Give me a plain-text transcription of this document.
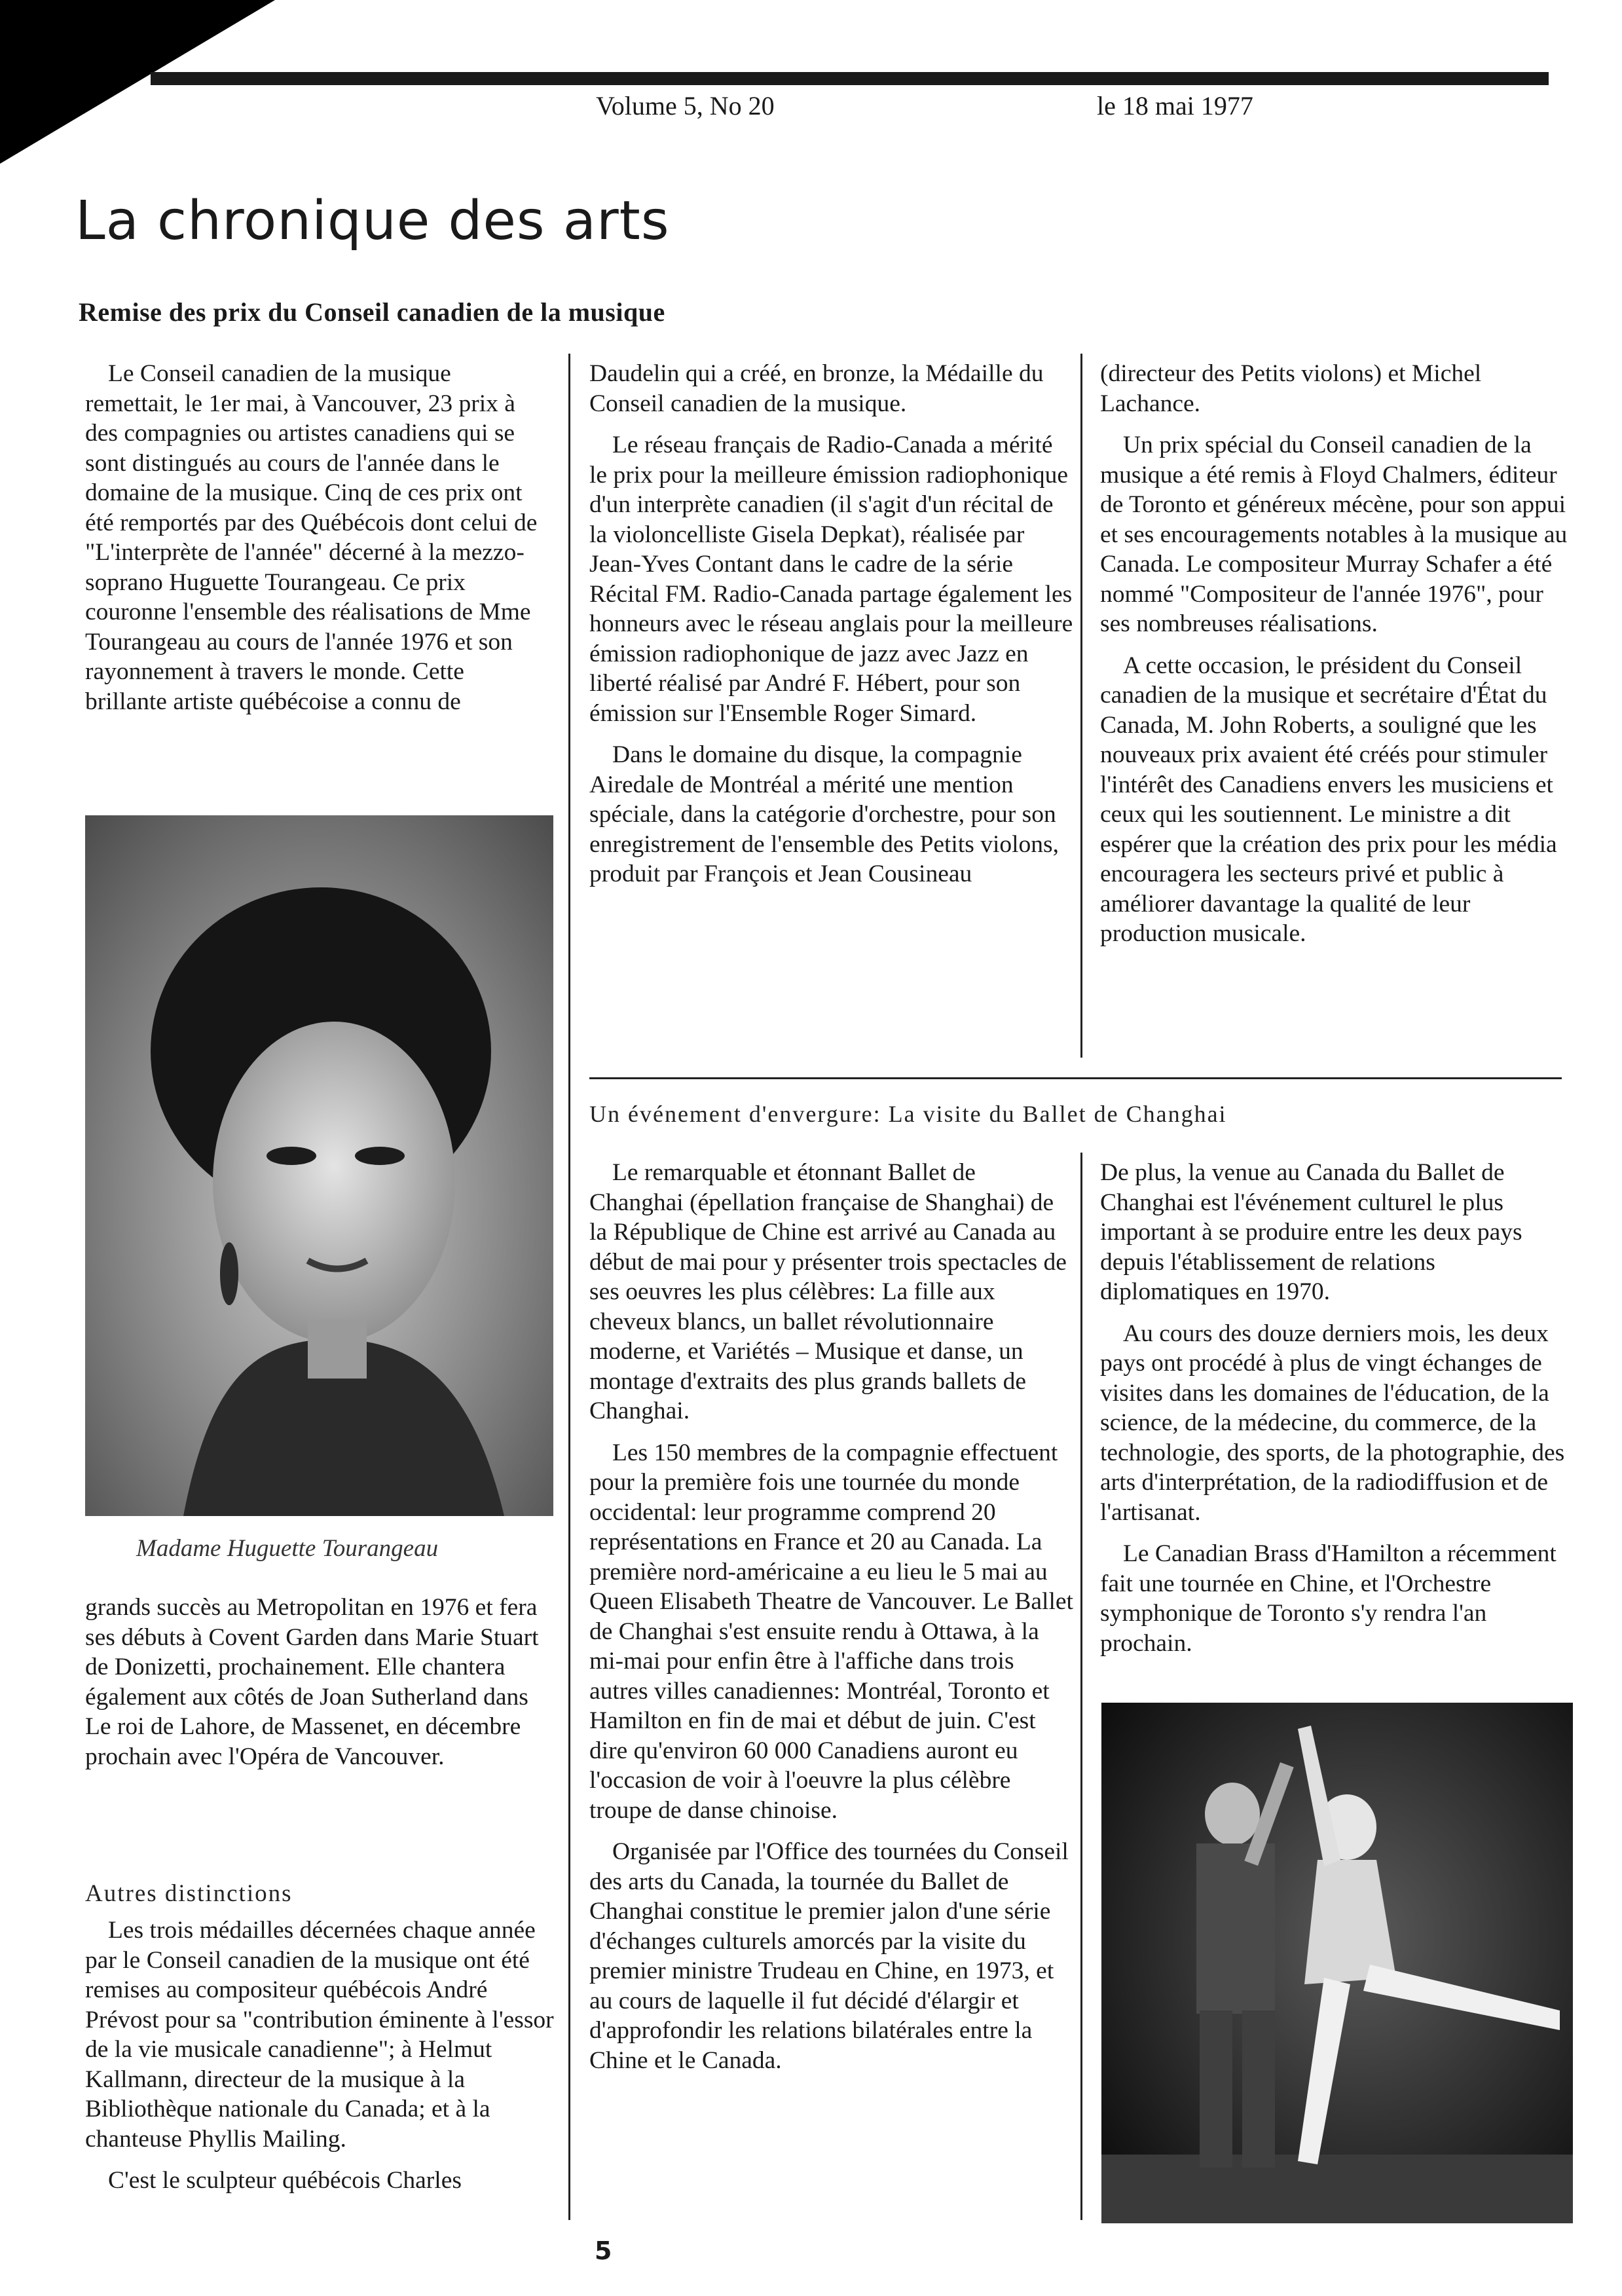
Volume 5, No 20	le 18 mai 1977
La chronique des arts
Remise des prix du Conseil canadien de la musique

Le Conseil canadien de la musique remettait, le 1er mai, à Vancouver, 23 prix à des compagnies ou artistes canadiens qui se sont distingués au cours de l'année dans le domaine de la musique. Cinq de ces prix ont été remportés par des Québécois dont celui de "L'interprète de l'année" décerné à la mezzo-soprano Huguette Tourangeau. Ce prix couronne l'ensemble des réalisations de Mme Tourangeau au cours de l'année 1976 et son rayonnement à travers le monde. Cette brillante artiste québécoise a connu de

Madame Huguette Tourangeau

grands succès au Metropolitan en 1976 et fera ses débuts à Covent Garden dans Marie Stuart de Donizetti, prochainement. Elle chantera également aux côtés de Joan Sutherland dans Le roi de Lahore, de Massenet, en décembre prochain avec l'Opéra de Vancouver.

Autres distinctions

Les trois médailles décernées chaque année par le Conseil canadien de la musique ont été remises au compositeur québécois André Prévost pour sa "contribution éminente à l'essor de la vie musicale canadienne"; à Helmut Kallmann, directeur de la musique à la Bibliothèque nationale du Canada; et à la chanteuse Phyllis Mailing.

C'est le sculpteur québécois Charles

Daudelin qui a créé, en bronze, la Médaille du Conseil canadien de la musique.

Le réseau français de Radio-Canada a mérité le prix pour la meilleure émission radiophonique d'un interprète canadien (il s'agit d'un récital de la violoncelliste Gisela Depkat), réalisée par Jean-Yves Contant dans le cadre de la série Récital FM. Radio-Canada partage également les honneurs avec le réseau anglais pour la meilleure émission radiophonique de jazz avec Jazz en liberté réalisé par André F. Hébert, pour son émission sur l'Ensemble Roger Simard.

Dans le domaine du disque, la compagnie Airedale de Montréal a mérité une mention spéciale, dans la catégorie d'orchestre, pour son enregistrement de l'ensemble des Petits violons, produit par François et Jean Cousineau

(directeur des Petits violons) et Michel Lachance.

Un prix spécial du Conseil canadien de la musique a été remis à Floyd Chalmers, éditeur de Toronto et généreux mécène, pour son appui et ses encouragements notables à la musique au Canada. Le compositeur Murray Schafer a été nommé "Compositeur de l'année 1976", pour ses nombreuses réalisations.

A cette occasion, le président du Conseil canadien de la musique et secrétaire d'État du Canada, M. John Roberts, a souligné que les nouveaux prix avaient été créés pour stimuler l'intérêt des Canadiens envers les musiciens et ceux qui les soutiennent. Le ministre a dit espérer que la création des prix pour les média encouragera les secteurs privé et public à améliorer davantage la qualité de leur production musicale.

Un événement d'envergure: La visite du Ballet de Changhai

Le remarquable et étonnant Ballet de Changhai (épellation française de Shanghai) de la République de Chine est arrivé au Canada au début de mai pour y présenter trois spectacles de ses oeuvres les plus célèbres: La fille aux cheveux blancs, un ballet révolutionnaire moderne, et Variétés – Musique et danse, un montage d'extraits des plus grands ballets de Changhai.

Les 150 membres de la compagnie effectuent pour la première fois une tournée du monde occidental: leur programme comprend 20 représentations en France et 20 au Canada. La première nord-américaine a eu lieu le 5 mai au Queen Elisabeth Theatre de Vancouver. Le Ballet de Changhai s'est ensuite rendu à Ottawa, à la mi-mai pour enfin être à l'affiche dans trois autres villes canadiennes: Montréal, Toronto et Hamilton en fin de mai et début de juin. C'est dire qu'environ 60 000 Canadiens auront eu l'occasion de voir à l'oeuvre la plus célèbre troupe de danse chinoise.

Organisée par l'Office des tournées du Conseil des arts du Canada, la tournée du Ballet de Changhai constitue le premier jalon d'une série d'échanges culturels amorcés par la visite du premier ministre Trudeau en Chine, en 1973, et au cours de laquelle il fut décidé d'élargir et d'approfondir les relations bilatérales entre la Chine et le Canada.

De plus, la venue au Canada du Ballet de Changhai est l'événement culturel le plus important à se produire entre les deux pays depuis l'établissement de relations diplomatiques en 1970.

Au cours des douze derniers mois, les deux pays ont procédé à plus de vingt échanges de visites dans les domaines de l'éducation, de la science, de la médecine, du commerce, de la technologie, des sports, de la photographie, des arts d'interprétation, de la radiodiffusion et de l'artisanat.

Le Canadian Brass d'Hamilton a récemment fait une tournée en Chine, et l'Orchestre symphonique de Toronto s'y rendra l'an prochain.

5
